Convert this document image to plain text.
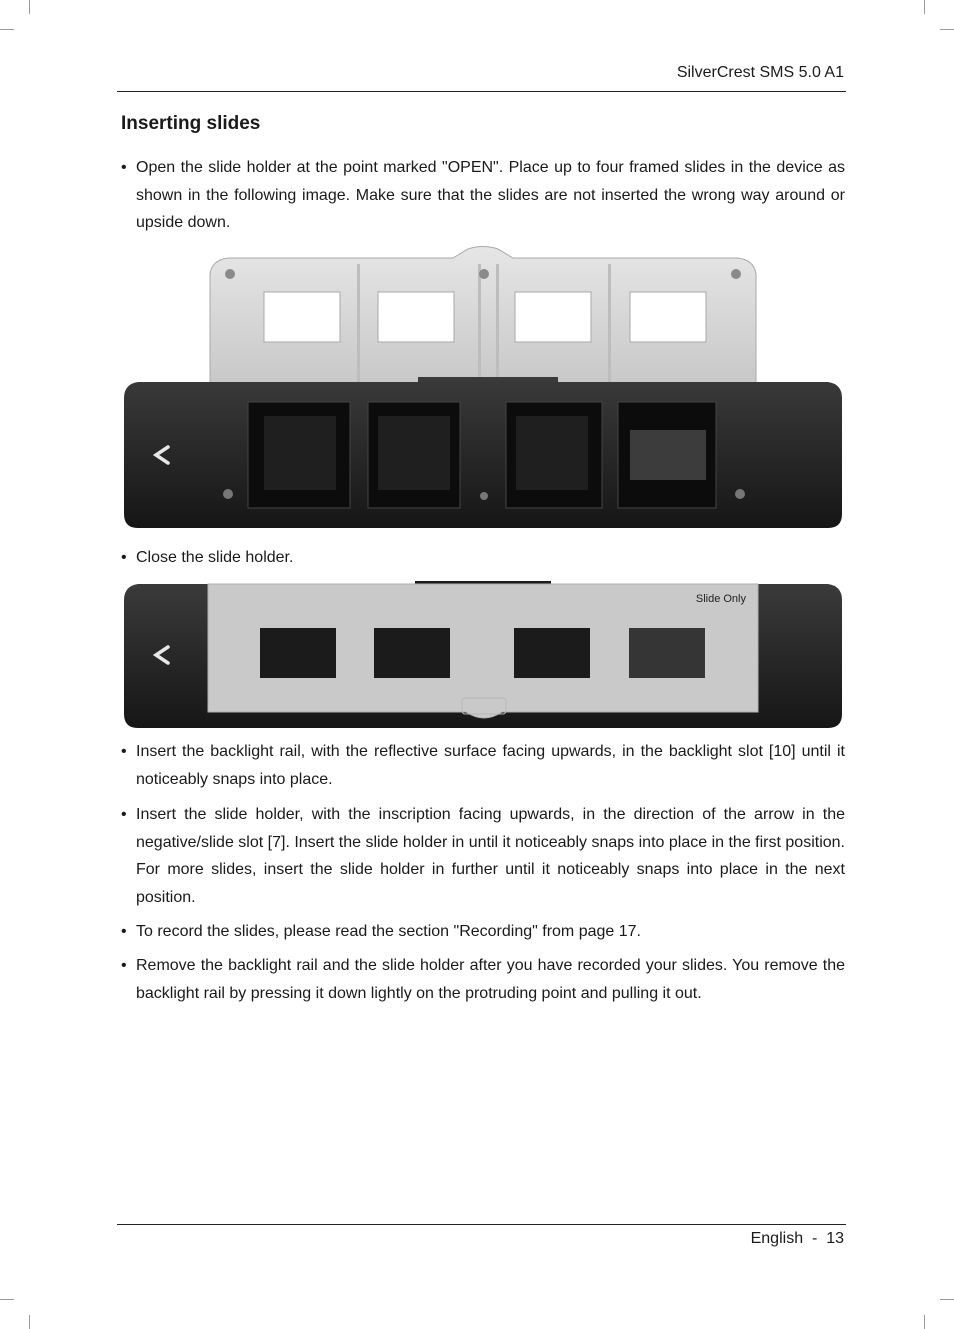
SilverCrest SMS 5.0 A1
Inserting slides
• Open the slide holder at the point marked "OPEN". Place up to four framed slides in the device as shown in the following image. Make sure that the slides are not inserted the wrong way around or upside down.
• Close the slide holder.
Slide Only
• Insert the backlight rail, with the reflective surface facing upwards, in the backlight slot [10] until it noticeably snaps into place.
• Insert the slide holder, with the inscription facing upwards, in the direction of the arrow in the negative/slide slot [7]. Insert the slide holder in until it noticeably snaps into place in the first position. For more slides, insert the slide holder in further until it noticeably snaps into place in the next position.
• To record the slides, please read the section "Recording" from page 17.
• Remove the backlight rail and the slide holder after you have recorded your slides. You remove the backlight rail by pressing it down lightly on the protruding point and pulling it out.
English  -  13
